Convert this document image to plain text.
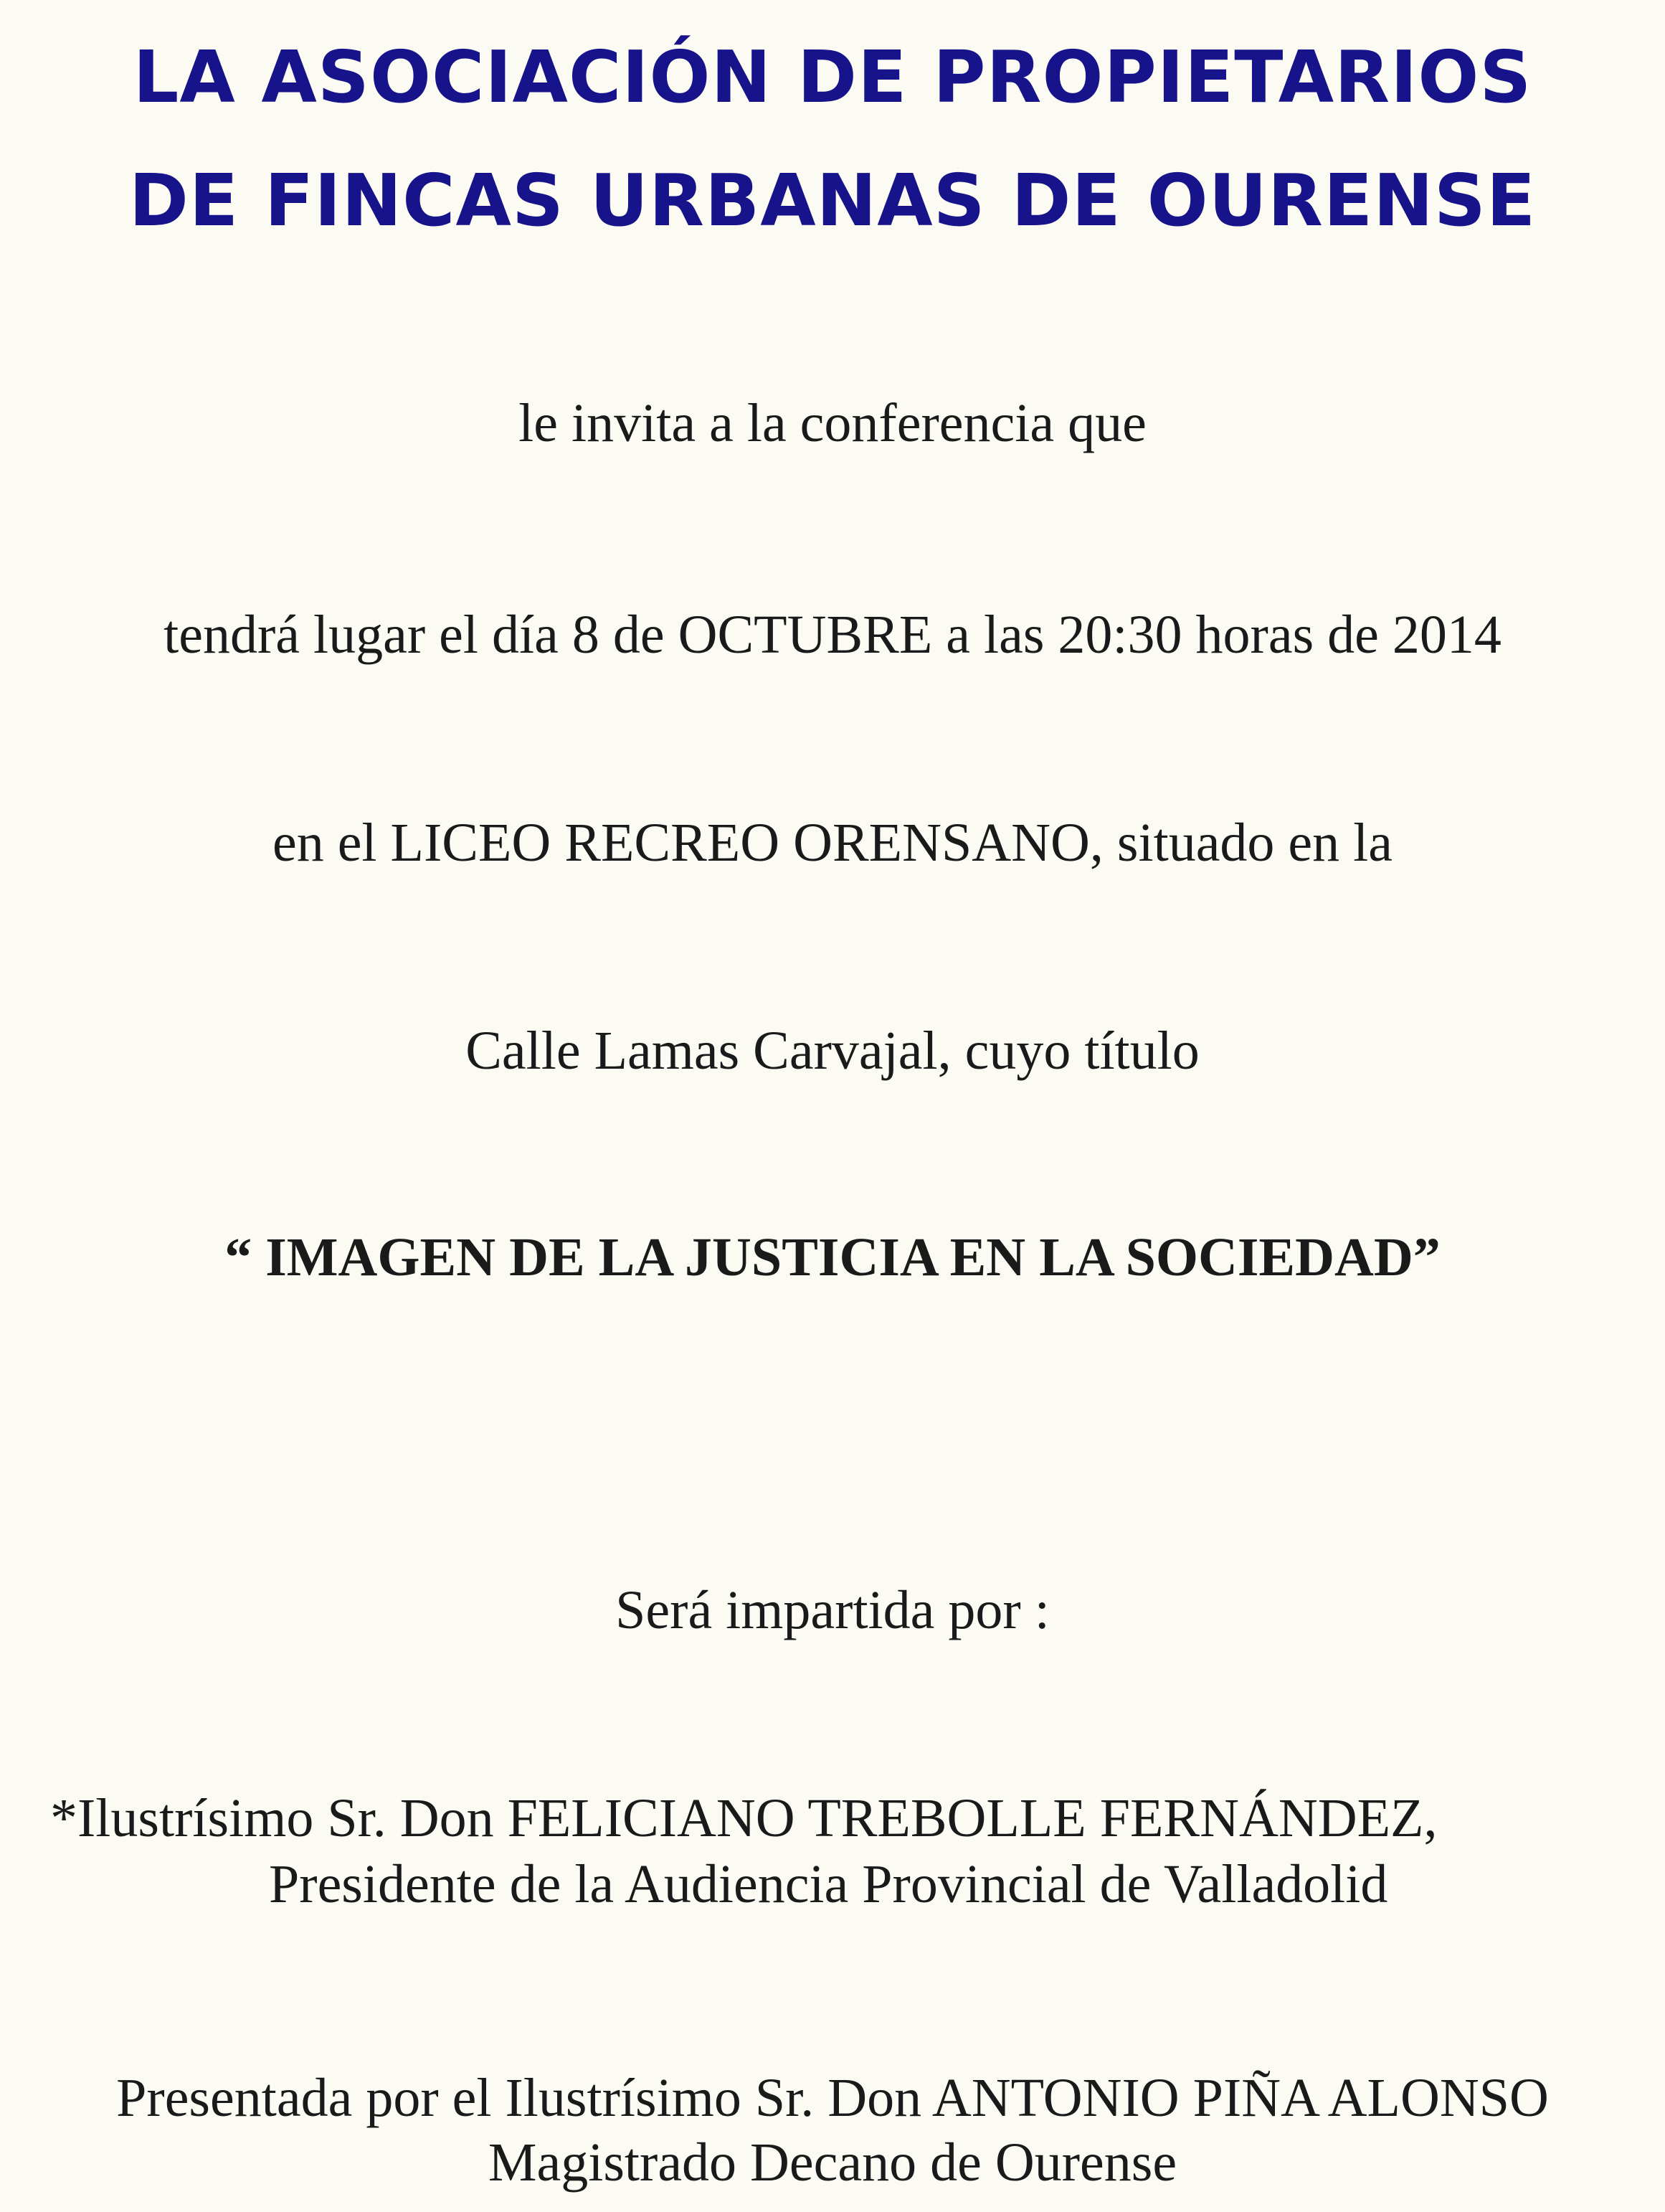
LA ASOCIACIÓN DE PROPIETARIOS
DE FINCAS URBANAS DE OURENSE
le invita a la conferencia que
tendrá lugar el día 8 de OCTUBRE a las 20:30 horas de 2014
en el LICEO RECREO ORENSANO, situado en la
Calle Lamas Carvajal, cuyo título
“ IMAGEN DE LA JUSTICIA EN LA SOCIEDAD”
Será impartida por :
*Ilustrísimo Sr. Don FELICIANO TREBOLLE FERNÁNDEZ,
Presidente de la Audiencia Provincial de Valladolid
Presentada por el Ilustrísimo Sr. Don ANTONIO PIÑA ALONSO
Magistrado Decano de Ourense
